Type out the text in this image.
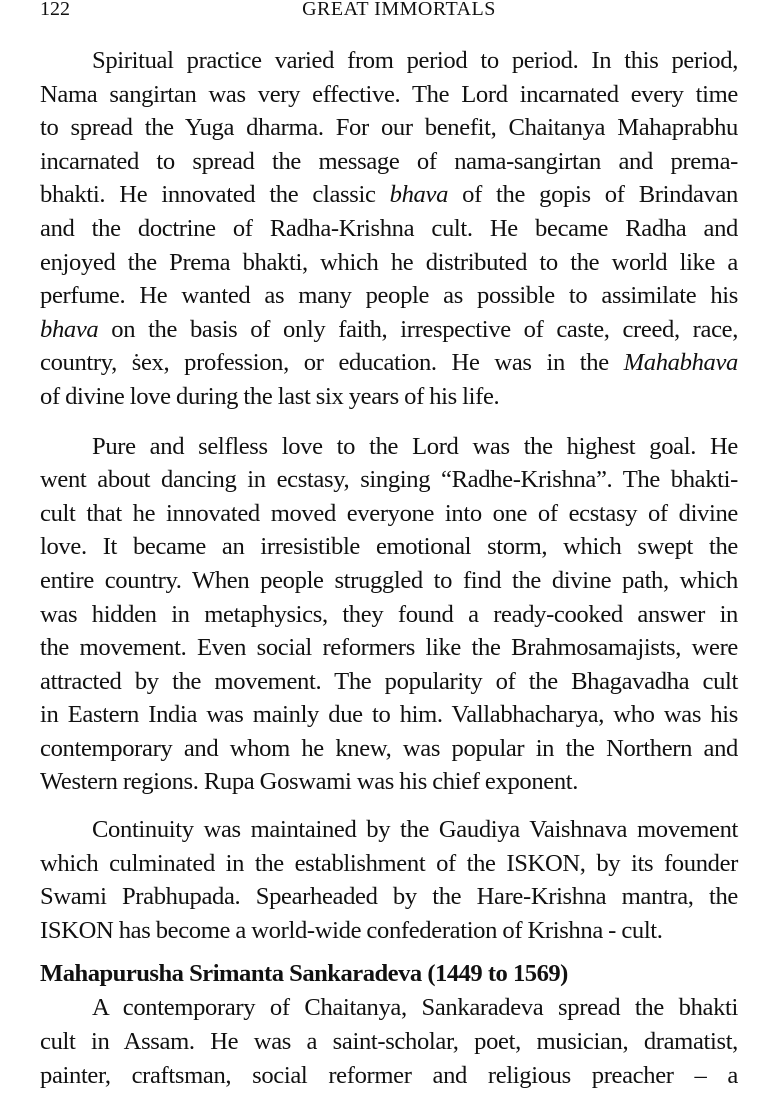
122	GREAT IMMORTALS

Spiritual practice varied from period to period. In this period,
Nama sangirtan was very effective. The Lord incarnated every time
to spread the Yuga dharma. For our benefit, Chaitanya Mahaprabhu
incarnated to spread the message of nama-sangirtan and prema-
bhakti. He innovated the classic bhava of the gopis of Brindavan
and the doctrine of Radha-Krishna cult. He became Radha and
enjoyed the Prema bhakti, which he distributed to the world like a
perfume. He wanted as many people as possible to assimilate his
bhava on the basis of only faith, irrespective of caste, creed, race,
country, ṡex, profession, or education. He was in the Mahabhava
of divine love during the last six years of his life.

Pure and selfless love to the Lord was the highest goal. He
went about dancing in ecstasy, singing “Radhe-Krishna”. The bhakti-
cult that he innovated moved everyone into one of ecstasy of divine
love. It became an irresistible emotional storm, which swept the
entire country. When people struggled to find the divine path, which
was hidden in metaphysics, they found a ready-cooked answer in
the movement. Even social reformers like the Brahmosamajists, were
attracted by the movement. The popularity of the Bhagavadha cult
in Eastern India was mainly due to him. Vallabhacharya, who was his
contemporary and whom he knew, was popular in the Northern and
Western regions. Rupa Goswami was his chief exponent.

Continuity was maintained by the Gaudiya Vaishnava movement
which culminated in the establishment of the ISKON, by its founder
Swami Prabhupada. Spearheaded by the Hare-Krishna mantra, the
ISKON has become a world-wide confederation of Krishna - cult.

Mahapurusha Srimanta Sankaradeva (1449 to 1569)

A contemporary of Chaitanya, Sankaradeva spread the bhakti
cult in Assam. He was a saint-scholar, poet, musician, dramatist,
painter, craftsman, social reformer and religious preacher – a
